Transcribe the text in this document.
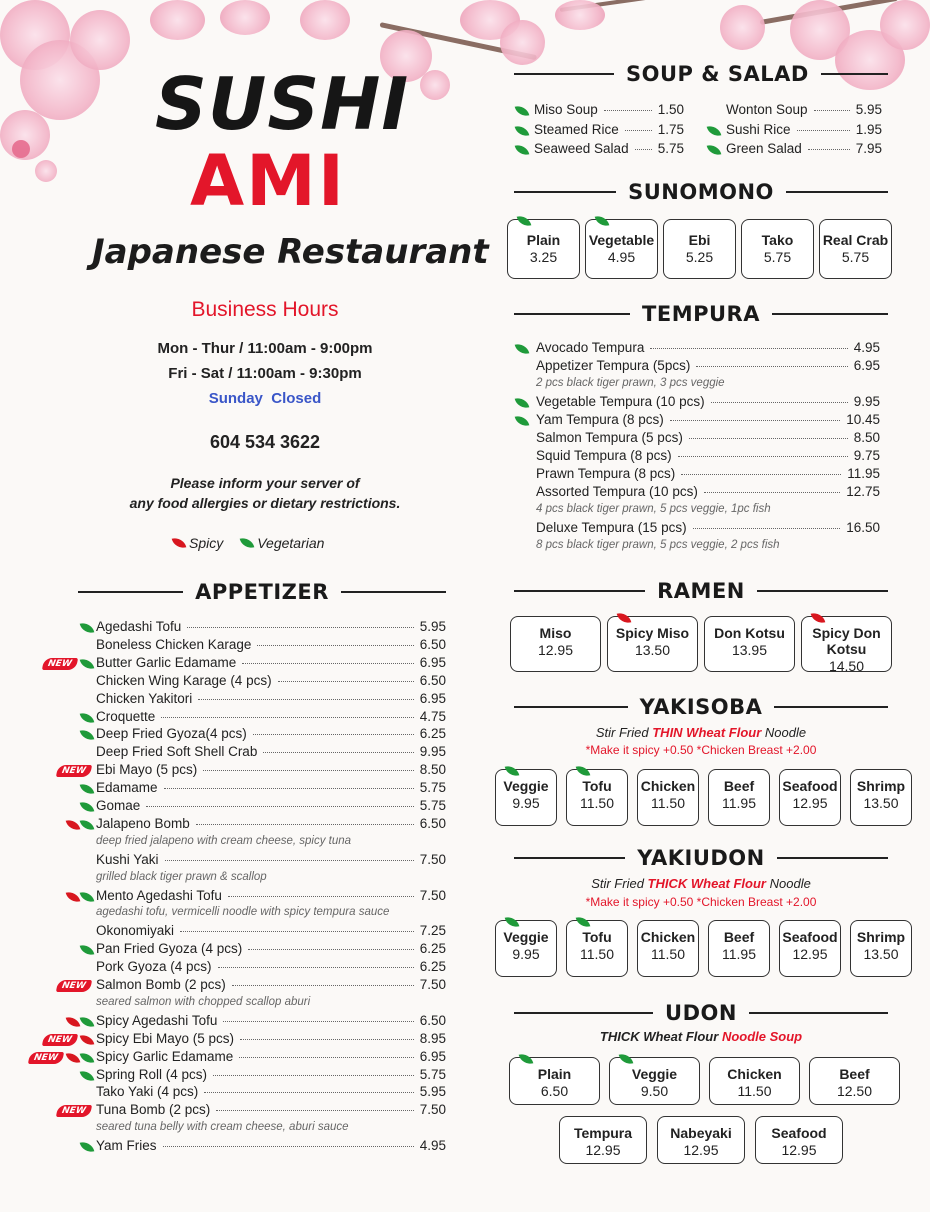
SUSHI
AMI
Japanese Restaurant
Business Hours
Mon - Thur / 11:00am - 9:00pm
Fri - Sat / 11:00am - 9:30pm
Sunday Closed
604 534 3622
Please inform your server of
any food allergies or dietary restrictions.
Spicy Vegetarian
APPETIZER
SOUP & SALAD
SUNOMONO
TEMPURA
RAMEN
YAKISOBA
YAKIUDON
UDON
Agedashi Tofu	5.95
Boneless Chicken Karage	6.50
NEW	Butter Garlic Edamame	6.95
Chicken Wing Karage (4 pcs)	6.50
Chicken Yakitori	6.95
Croquette	4.75
Deep Fried Gyoza(4 pcs)	6.25
Deep Fried Soft Shell Crab	9.95
NEW Ebi Mayo (5 pcs)	8.50
Edamame	5.75
Gomae	5.75
Jalapeno Bomb	6.50
deep fried jalapeno with cream cheese, spicy tuna
Kushi Yaki	7.50
grilled black tiger prawn & scallop
Mento Agedashi Tofu	7.50
agedashi tofu, vermicelli noodle with spicy tempura sauce
Okonomiyaki	7.25
Pan Fried Gyoza (4 pcs)	6.25
Pork Gyoza (4 pcs)	6.25
NEW Salmon Bomb (2 pcs)	7.50
seared salmon with chopped scallop aburi
Spicy Agedashi Tofu	6.50
NEW	Spicy Ebi Mayo (5 pcs)	8.95
NEW	Spicy Garlic Edamame	6.95
Spring Roll (4 pcs)	5.75
Tako Yaki (4 pcs)	5.95
NEW Tuna Bomb (2 pcs)	7.50
seared tuna belly with cream cheese, aburi sauce
Yam Fries	4.95
Miso Soup	1.50
Steamed Rice	1.75
Seaweed Salad 5.75
Wonton Soup	5.95
Sushi Rice	1.95
Green Salad	7.95
Avocado Tempura	4.95
Appetizer Tempura (5pcs)	6.95
2 pcs black tiger prawn, 3 pcs veggie
Vegetable Tempura (10 pcs)	9.95
Yam Tempura (8 pcs)	10.45
Salmon Tempura (5 pcs)	8.50
Squid Tempura (8 pcs)	9.75
Prawn Tempura (8 pcs)	11.95
Assorted Tempura (10 pcs)	12.75
4 pcs black tiger prawn, 5 pcs veggie, 1pc fish
Deluxe Tempura (15 pcs)	16.50
8 pcs black tiger prawn, 5 pcs veggie, 2 pcs fish
Plain
3.25
Vegetable
4.95
Ebi
5.25
Tako
5.75
Real Crab
5.75
Miso
12.95
Spicy Miso
13.50
Don Kotsu
13.95
Spicy Don Kotsu
14.50
Veggie
9.95
Tofu
11.50
Chicken
11.50
Beef
11.95
Seafood
12.95
Shrimp
13.50
Veggie
9.95
Tofu
11.50
Chicken
11.50
Beef
11.95
Seafood
12.95
Shrimp
13.50
Plain
6.50
Veggie
9.50
Chicken
11.50
Beef
12.50
Tempura
12.95
Nabeyaki
12.95
Seafood
12.95
Stir Fried THIN Wheat Flour Noodle
*Make it spicy +0.50 *Chicken Breast +2.00
Stir Fried THICK Wheat Flour Noodle
*Make it spicy +0.50 *Chicken Breast +2.00
THICK Wheat Flour Noodle Soup
